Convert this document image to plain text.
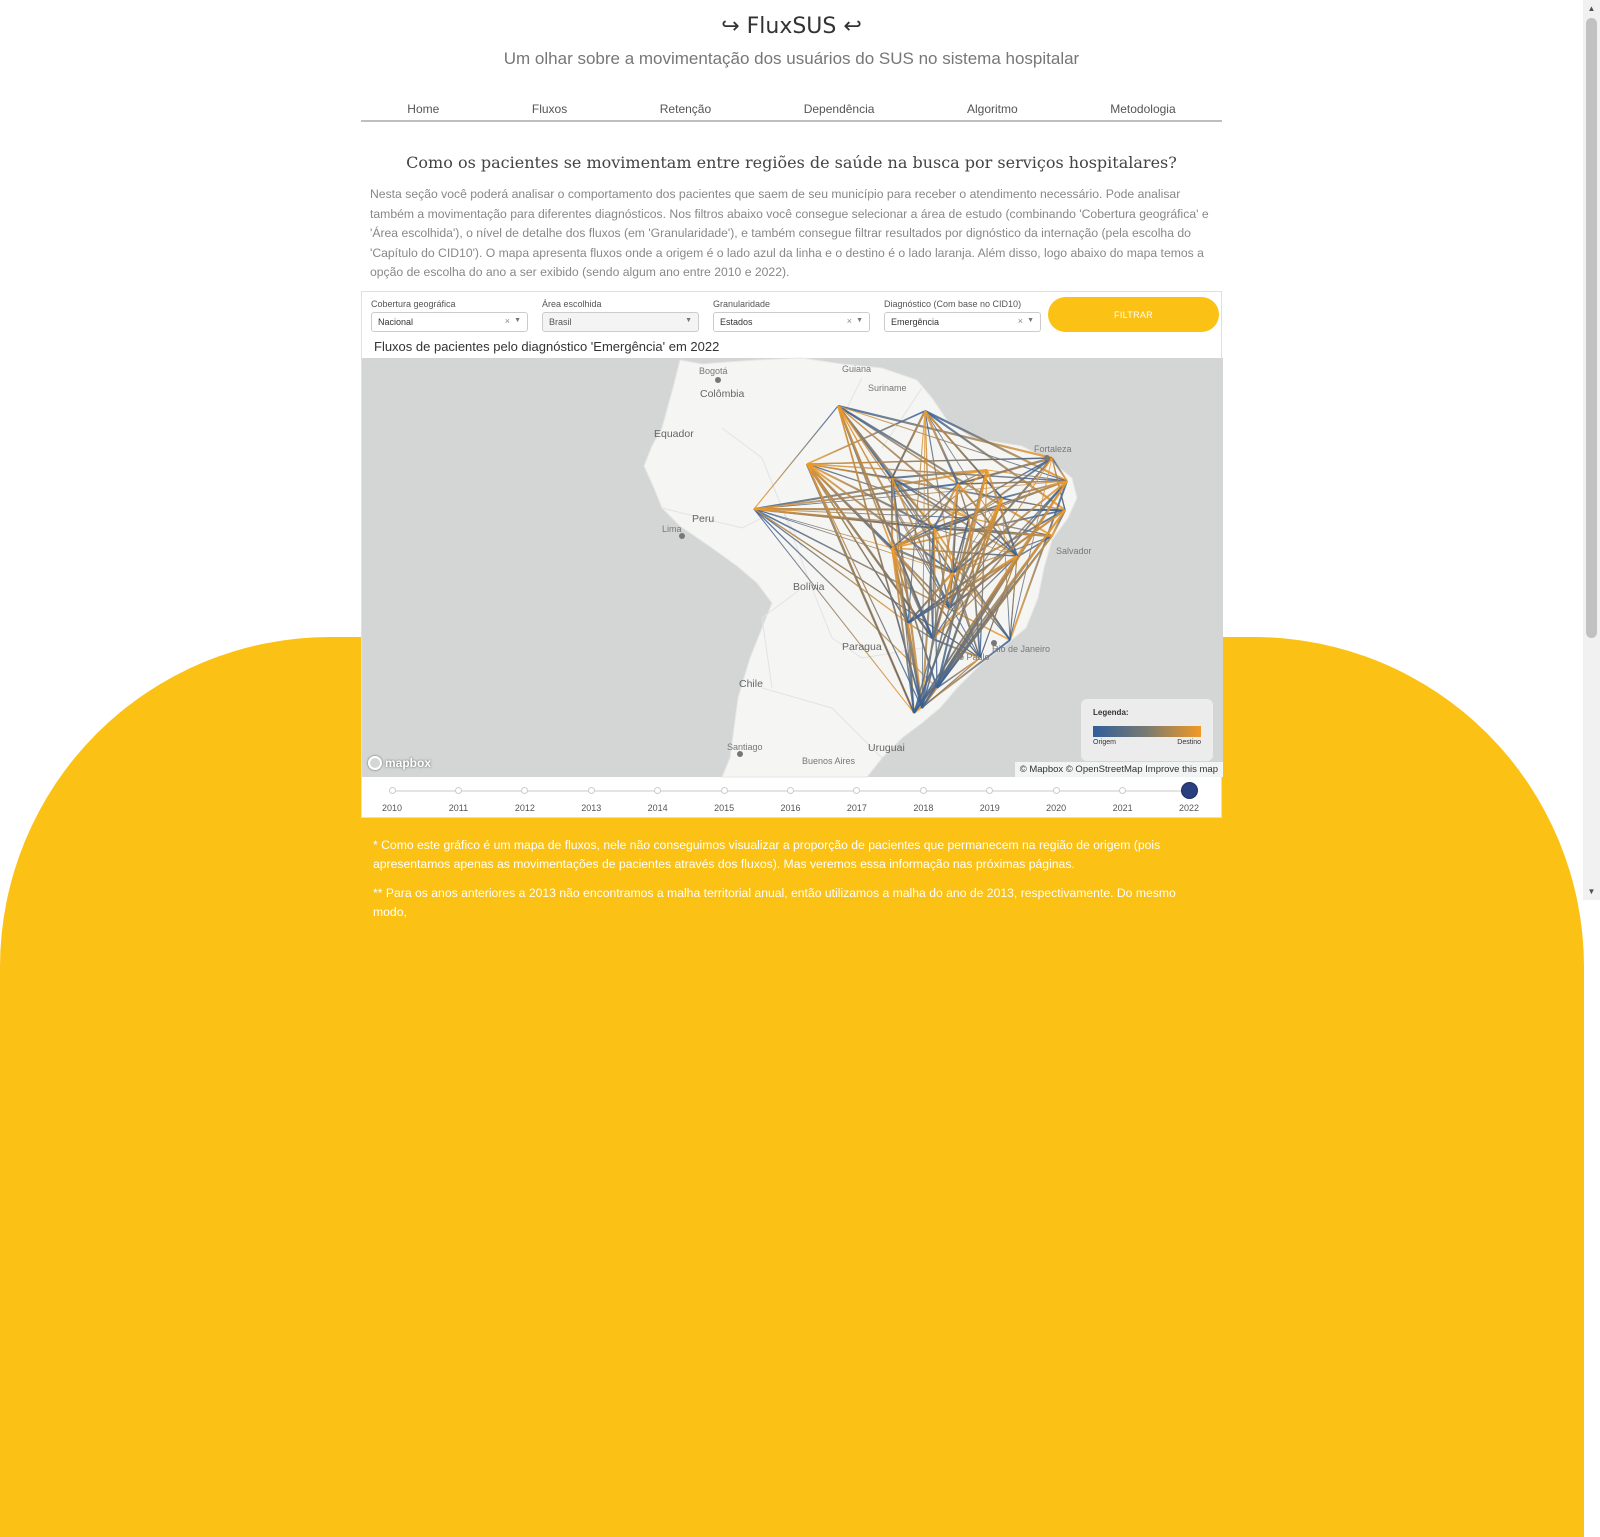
↪ FluxSUS ↩
Um olhar sobre a movimentação dos usuários do SUS no sistema hospitalar
Home	Fluxos	Retenção	Dependência	Algoritmo	Metodologia
Como os pacientes se movimentam entre regiões de saúde na busca por serviços hospitalares?
Nesta seção você poderá analisar o comportamento dos pacientes que saem de seu município para receber o atendimento necessário. Pode analisar também a movimentação para diferentes diagnósticos. Nos filtros abaixo você consegue selecionar a área de estudo (combinando 'Cobertura geográfica' e 'Área escolhida'), o nível de detalhe dos fluxos (em 'Granularidade'), e também consegue filtrar resultados por dignóstico da internação (pela escolha do 'Capítulo do CID10'). O mapa apresenta fluxos onde a origem é o lado azul da linha e o destino é o lado laranja. Além disso, logo abaixo do mapa temos a opção de escolha do ano a ser exibido (sendo algum ano entre 2010 e 2022).
Cobertura geográfica
Nacional	× ▼
Área escolhida
Brasil	▼
Granularidade
Estados	× ▼
Diagnóstico (Com base no CID10)
Emergência	× ▼
FILTRAR
Fluxos de pacientes pelo diagnóstico 'Emergência' em 2022
Bogotá
Colômbia
Guiana
Suriname
Equador
Fortaleza
Peru
Lima
Salvador
Bolívia
Paragua	Rio de Janeiro
ão Paulo
Chile
Santiago
Buenos Aires
Uruguai
Legenda:
Origem	Destino
mapbox	© Mapbox © OpenStreetMap Improve this map
2010	2011	2012	2013	2014	2015	2016	2017	2018	2019	2020	2021	2022
* Como este gráfico é um mapa de fluxos, nele não conseguimos visualizar a proporção de pacientes que permanecem na região de origem (pois apresentamos apenas as movimentações de pacientes através dos fluxos). Mas veremos essa informação nas próximas páginas.
** Para os anos anteriores a 2013 não encontramos a malha territorial anual, então utilizamos a malha do ano de 2013, respectivamente. Do mesmo modo,
▲
▼
